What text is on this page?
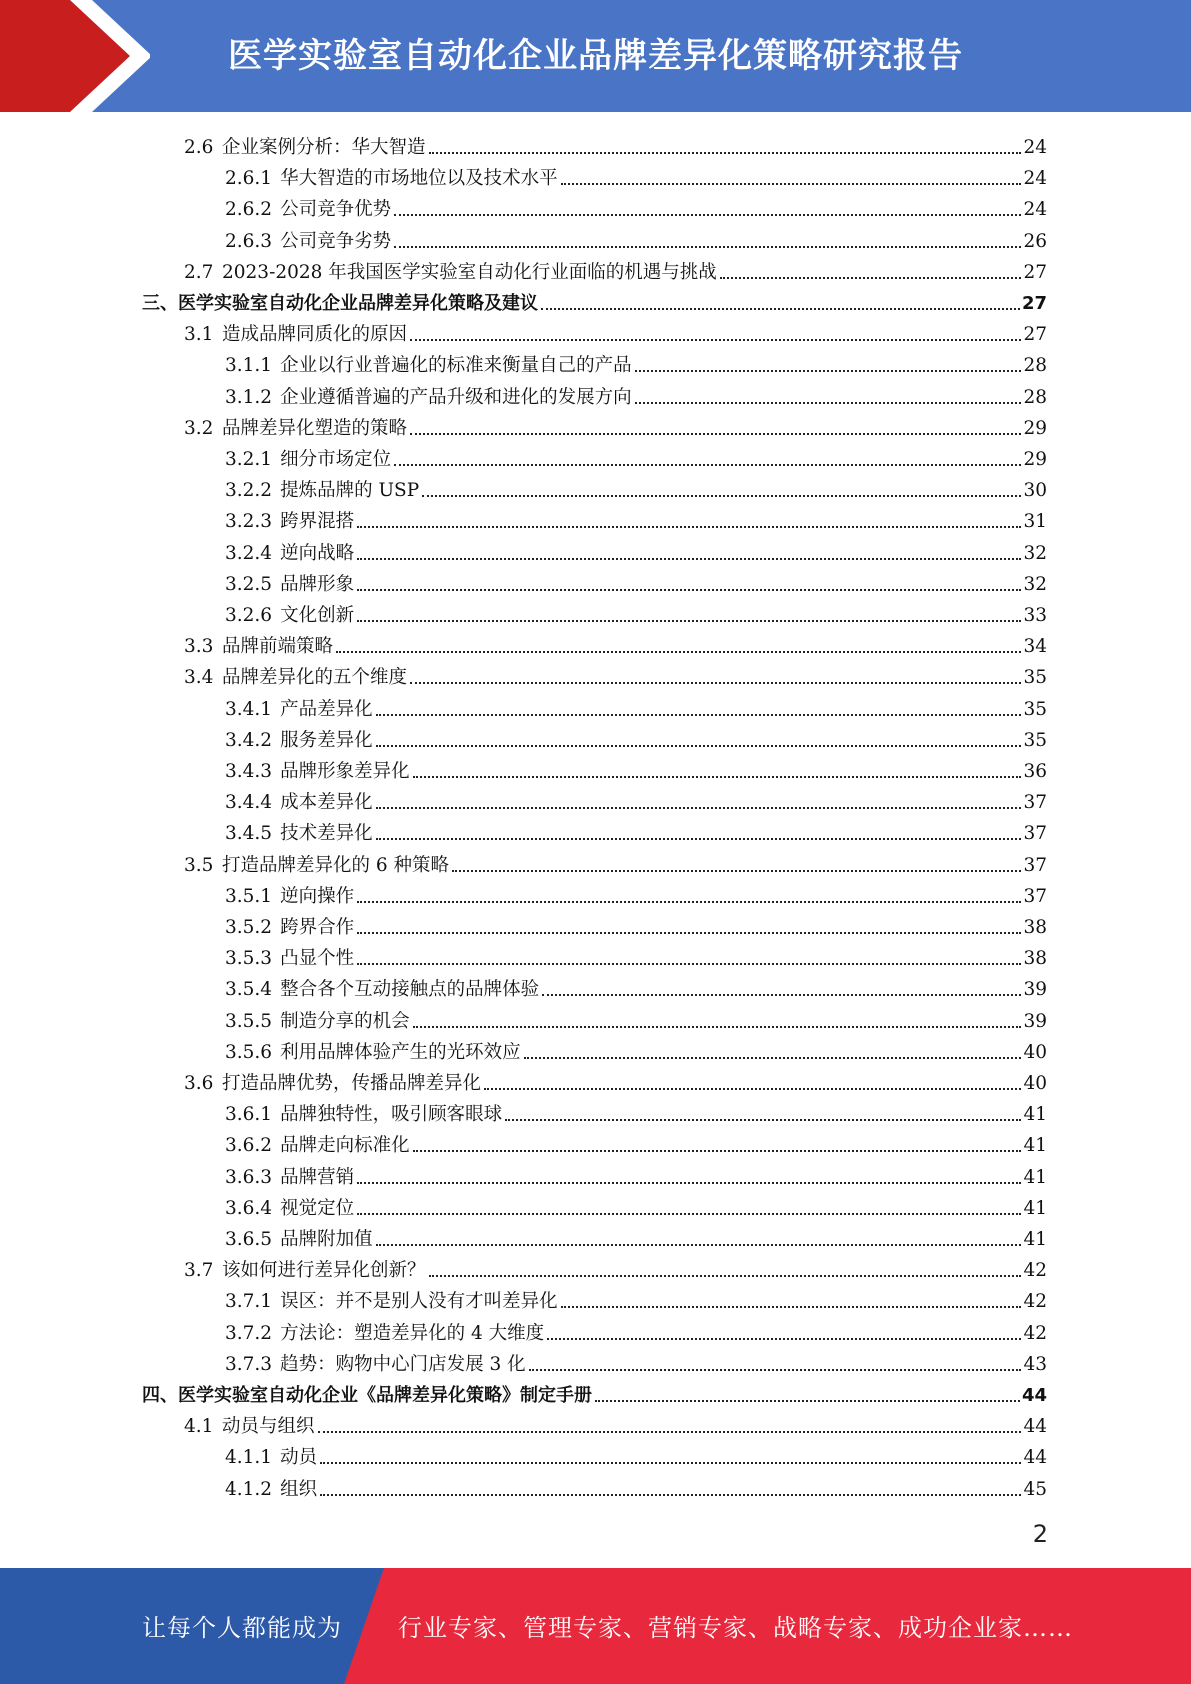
医学实验室自动化企业品牌差异化策略研究报告
2.6 企业案例分析：华大智造	24
2.6.1 华大智造的市场地位以及技术水平	24
2.6.2 公司竞争优势	24
2.6.3 公司竞争劣势	26
2.7 2023-2028 年我国医学实验室自动化行业面临的机遇与挑战	27
三、医学实验室自动化企业品牌差异化策略及建议	27
3.1 造成品牌同质化的原因	27
3.1.1 企业以行业普遍化的标准来衡量自己的产品	28
3.1.2 企业遵循普遍的产品升级和进化的发展方向	28
3.2 品牌差异化塑造的策略	29
3.2.1 细分市场定位	29
3.2.2 提炼品牌的 USP	30
3.2.3 跨界混搭	31
3.2.4 逆向战略	32
3.2.5 品牌形象	32
3.2.6 文化创新	33
3.3 品牌前端策略	34
3.4 品牌差异化的五个维度	35
3.4.1 产品差异化	35
3.4.2 服务差异化	35
3.4.3 品牌形象差异化	36
3.4.4 成本差异化	37
3.4.5 技术差异化	37
3.5 打造品牌差异化的 6 种策略	37
3.5.1 逆向操作	37
3.5.2 跨界合作	38
3.5.3 凸显个性	38
3.5.4 整合各个互动接触点的品牌体验	39
3.5.5 制造分享的机会	39
3.5.6 利用品牌体验产生的光环效应	40
3.6 打造品牌优势，传播品牌差异化	40
3.6.1 品牌独特性，吸引顾客眼球	41
3.6.2 品牌走向标准化	41
3.6.3 品牌营销	41
3.6.4 视觉定位	41
3.6.5 品牌附加值	41
3.7 该如何进行差异化创新？	42
3.7.1 误区：并不是别人没有才叫差异化	42
3.7.2 方法论：塑造差异化的 4 大维度	42
3.7.3 趋势：购物中心门店发展 3 化	43
四、医学实验室自动化企业《品牌差异化策略》制定手册	44
4.1 动员与组织	44
4.1.1 动员	44
4.1.2 组织	45
2
让每个人都能成为 行业专家、管理专家、营销专家、战略专家、成功企业家……
